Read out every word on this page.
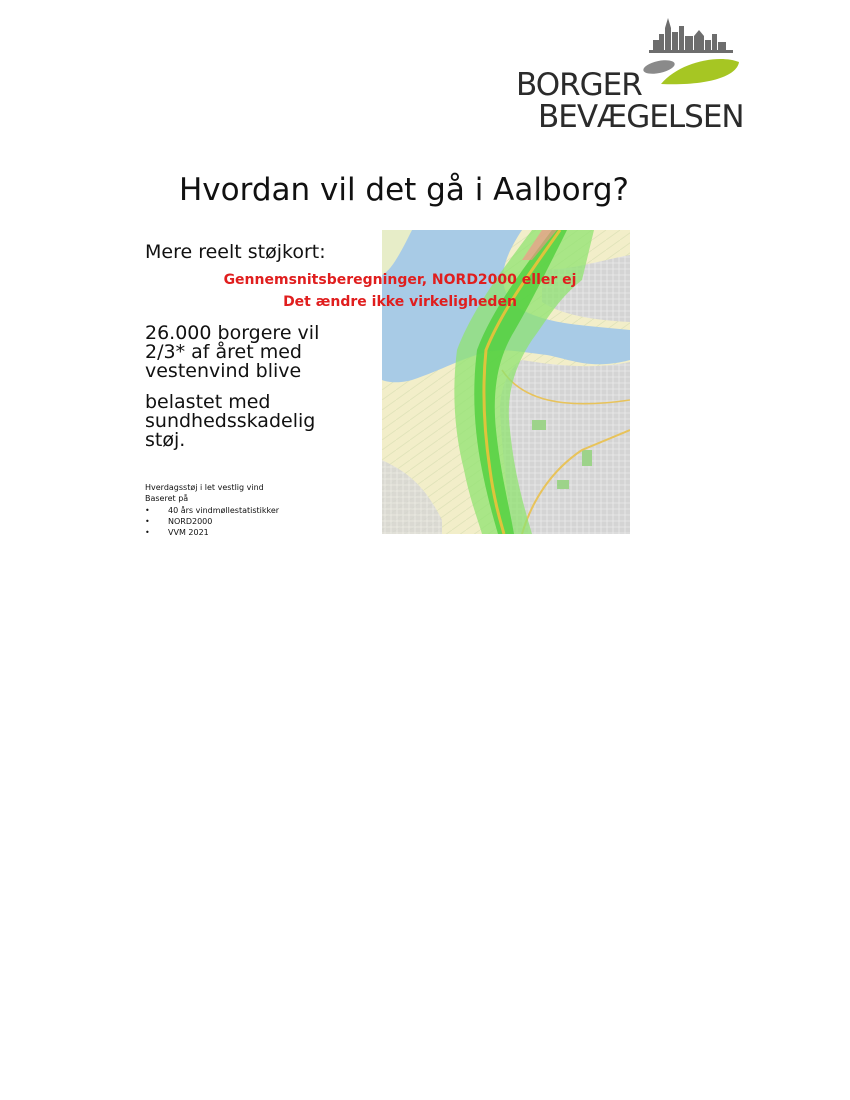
BORGER
BEVÆGELSEN
Hvordan vil det gå i Aalborg?
Mere reelt støjkort:
Gennemsnitsberegninger, NORD2000 eller ej
Det ændre ikke virkeligheden
26.000 borgere vil
2/3* af året med
vestenvind blive
belastet med
sundhedsskadelig
støj.
Hverdagsstøj i let vestlig vind
Baseret på
• 40 års vindmøllestatistikker
• NORD2000
• VVM 2021
